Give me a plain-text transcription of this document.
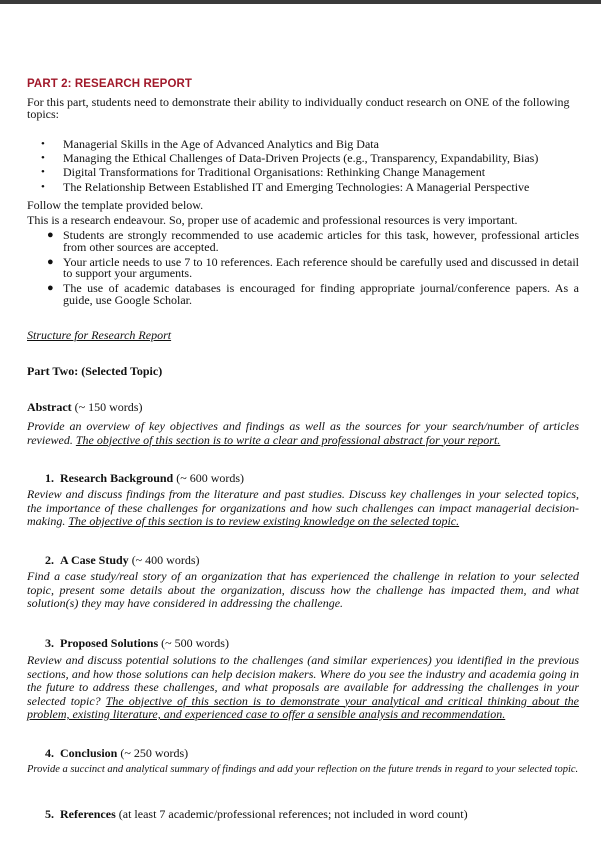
PART 2: RESEARCH REPORT
For this part, students need to demonstrate their ability to individually conduct research on ONE of the following topics:
•	Managerial Skills in the Age of Advanced Analytics and Big Data
•	Managing the Ethical Challenges of Data-Driven Projects (e.g., Transparency, Expandability, Bias)
•	Digital Transformations for Traditional Organisations: Rethinking Change Management
•	The Relationship Between Established IT and Emerging Technologies: A Managerial Perspective
Follow the template provided below.
This is a research endeavour. So, proper use of academic and professional resources is very important.
● Students are strongly recommended to use academic articles for this task, however, professional articles from other sources are accepted.
● Your article needs to use 7 to 10 references. Each reference should be carefully used and discussed in detail to support your arguments.
● The use of academic databases is encouraged for finding appropriate journal/conference papers. As a guide, use Google Scholar.
Structure for Research Report
Part Two: (Selected Topic)
Abstract (~ 150 words)
Provide an overview of key objectives and findings as well as the sources for your search/number of articles reviewed. The objective of this section is to write a clear and professional abstract for your report.
1. Research Background (~ 600 words)
Review and discuss findings from the literature and past studies. Discuss key challenges in your selected topics, the importance of these challenges for organizations and how such challenges can impact managerial decision-making. The objective of this section is to review existing knowledge on the selected topic.
2. A Case Study (~ 400 words)
Find a case study/real story of an organization that has experienced the challenge in relation to your selected topic, present some details about the organization, discuss how the challenge has impacted them, and what solution(s) they may have considered in addressing the challenge.
3. Proposed Solutions (~ 500 words)
Review and discuss potential solutions to the challenges (and similar experiences) you identified in the previous sections, and how those solutions can help decision makers. Where do you see the industry and academia going in the future to address these challenges, and what proposals are available for addressing the challenges in your selected topic? The objective of this section is to demonstrate your analytical and critical thinking about the problem, existing literature, and experienced case to offer a sensible analysis and recommendation.
4. Conclusion (~ 250 words)
Provide a succinct and analytical summary of findings and add your reflection on the future trends in regard to your selected topic.
5. References (at least 7 academic/professional references; not included in word count)
